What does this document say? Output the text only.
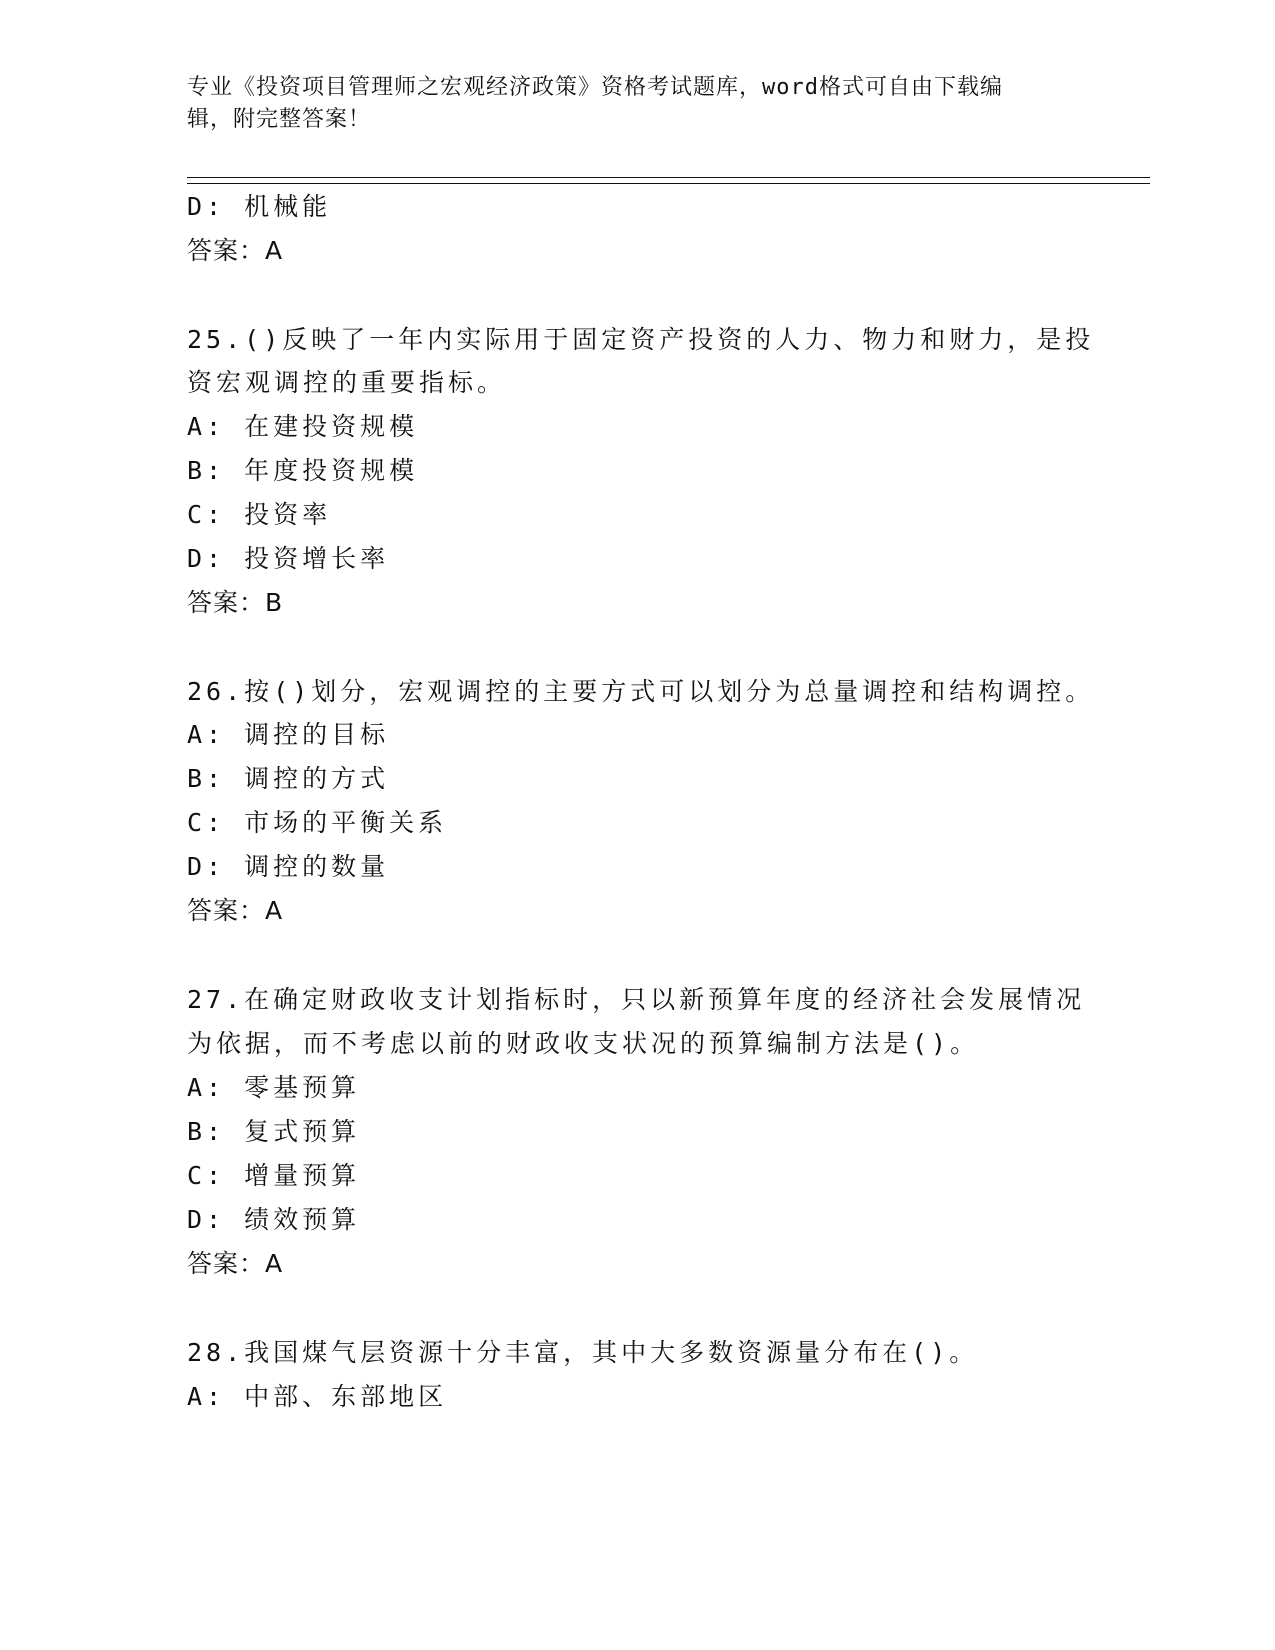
专业《投资项目管理师之宏观经济政策》资格考试题库，word格式可自由下载编
辑，附完整答案！
D: 机械能
答案：A
25.()反映了一年内实际用于固定资产投资的人力、物力和财力，是投
资宏观调控的重要指标。
A: 在建投资规模
B: 年度投资规模
C: 投资率
D: 投资增长率
答案：B
26.按()划分，宏观调控的主要方式可以划分为总量调控和结构调控。
A: 调控的目标
B: 调控的方式
C: 市场的平衡关系
D: 调控的数量
答案：A
27.在确定财政收支计划指标时，只以新预算年度的经济社会发展情况
为依据，而不考虑以前的财政收支状况的预算编制方法是()。
A: 零基预算
B: 复式预算
C: 增量预算
D: 绩效预算
答案：A
28.我国煤气层资源十分丰富，其中大多数资源量分布在()。
A: 中部、东部地区
